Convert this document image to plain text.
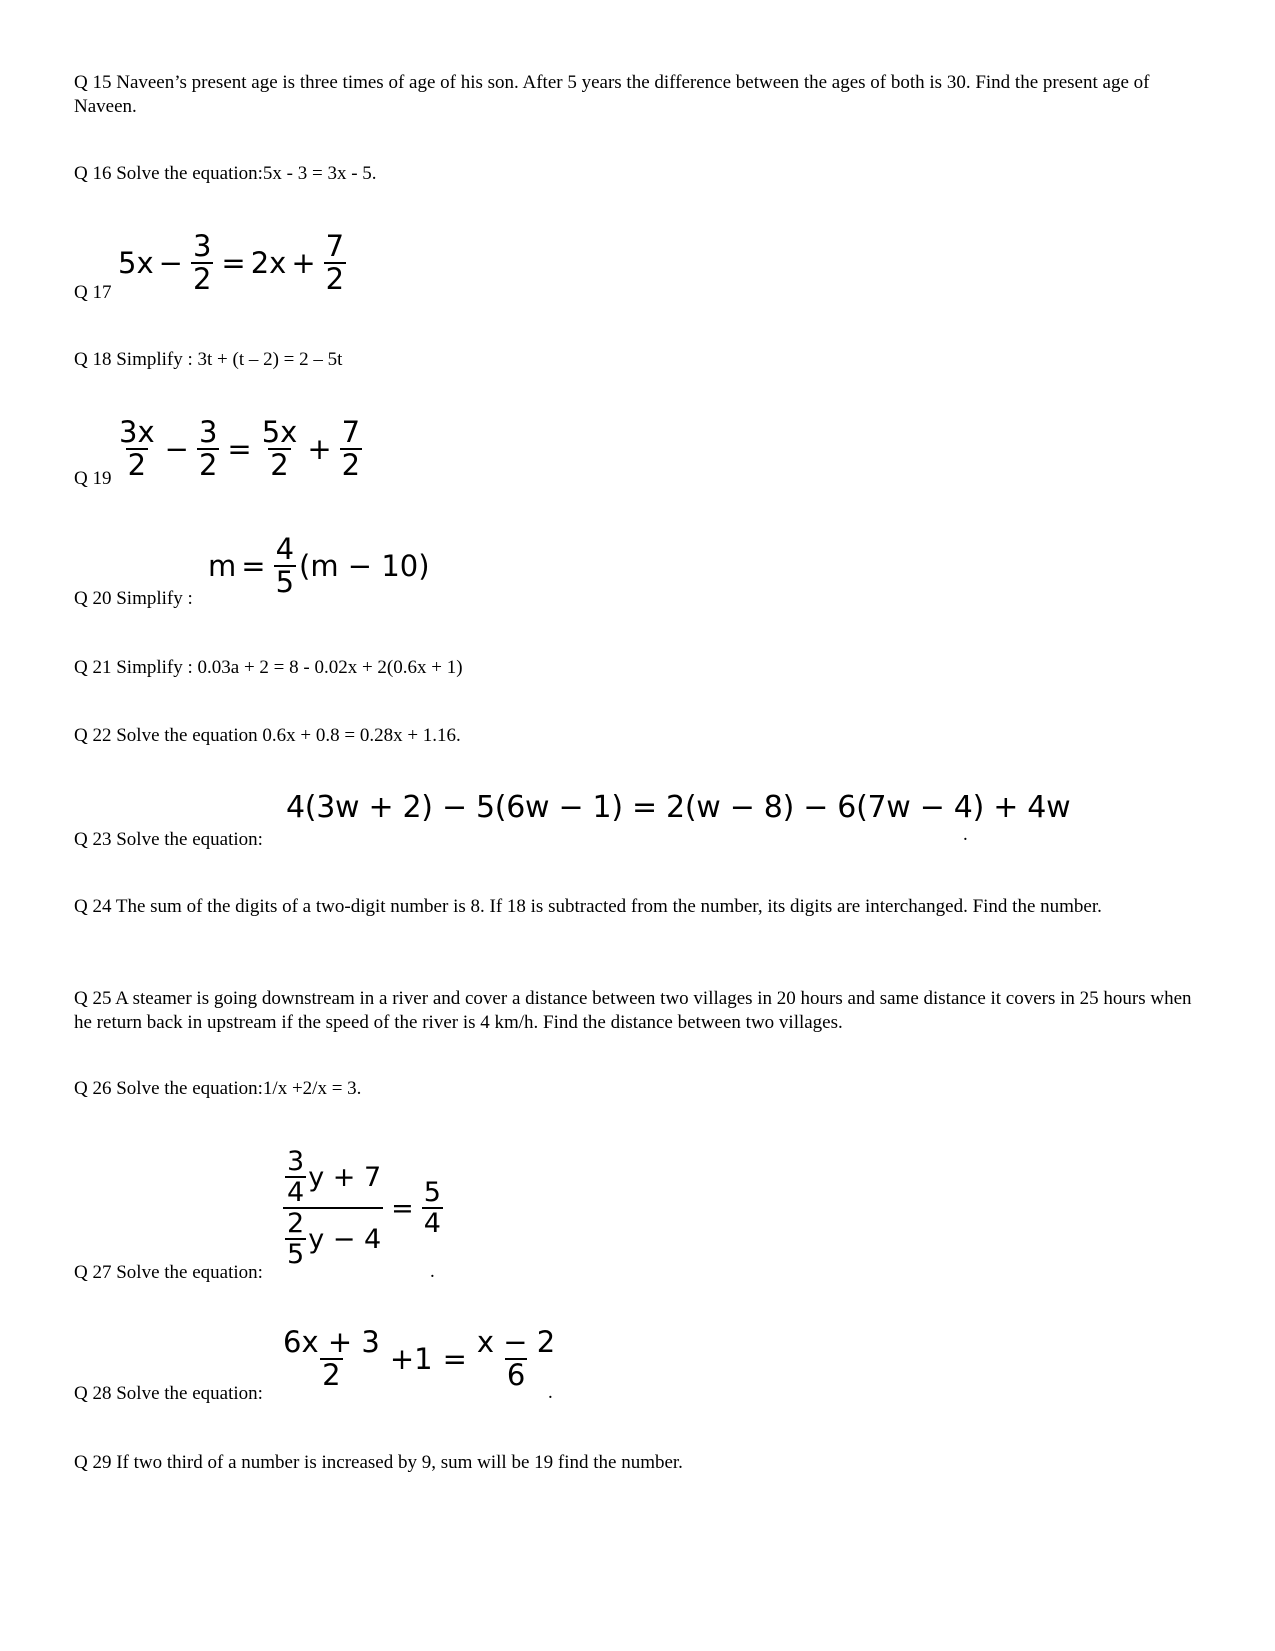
Q 15 Naveen’s present age is three times of age of his son. After 5 years the difference between the ages of both is 30. Find the present age of Naveen.
Q 16 Solve the equation:5x - 3 = 3x - 5.
$5x - \frac{3}{2} = 2x + \frac{7}{2}$
Q 17
Q 18 Simplify : 3t + (t – 2) = 2 – 5t
$\frac{3x}{2} - \frac{3}{2} = \frac{5x}{2} + \frac{7}{2}$
Q 19
$m = \frac{4}{5} (m - 10)$
Q 20 Simplify :
Q 21 Simplify : 0.03a + 2 = 8 - 0.02x + 2(0.6x + 1)
Q 22 Solve the equation 0.6x + 0.8 = 0.28x + 1.16.
4(3w + 2) − 5(6w − 1) = 2(w − 8) − 6(7w − 4) + 4w
.
Q 23 Solve the equation:
Q 24 The sum of the digits of a two-digit number is 8. If 18 is subtracted from the number, its digits are interchanged. Find the number.
Q 25 A steamer is going downstream in a river and cover a distance between two villages in 20 hours and same distance it covers in 25 hours when he return back in upstream if the speed of the river is 4 km/h. Find the distance between two villages.
Q 26 Solve the equation:1/x +2/x = 3.
$\frac{\frac{3}{4} y + 7}{\frac{2}{5} y - 4} = \frac{5}{4}$
.
Q 27 Solve the equation:
$\frac{6x + 3}{2} +1 = \frac{x - 2}{6}$
.
Q 28 Solve the equation:
Q 29 If two third of a number is increased by 9, sum will be 19 find the number.
